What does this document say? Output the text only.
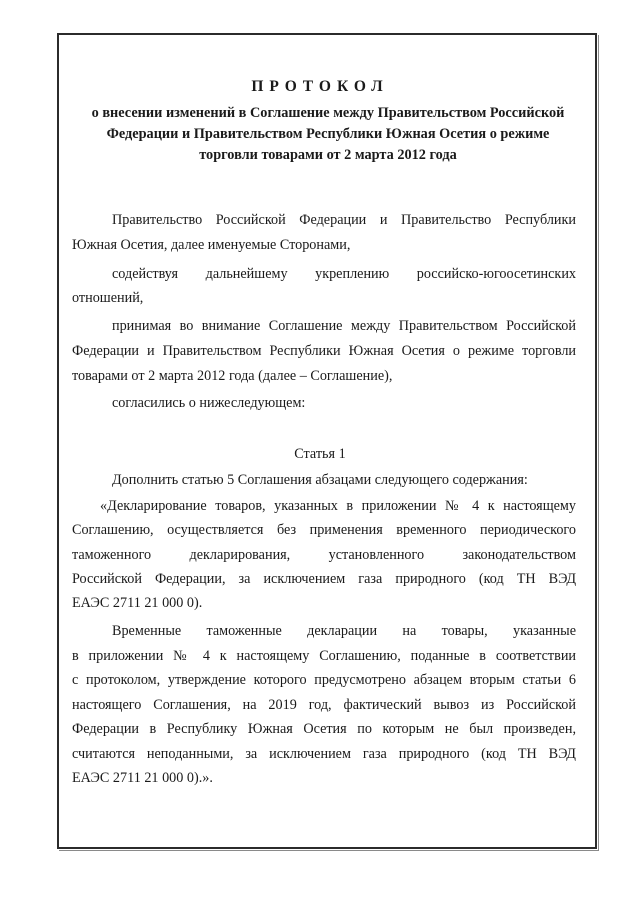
ПРОТОКОЛ
о внесении изменений в Соглашение между Правительством Российской
Федерации и Правительством Республики Южная Осетия о режиме
торговли товарами от 2 марта 2012 года
Правительство Российской Федерации и Правительство Республики
Южная Осетия, далее именуемые Сторонами,
содействуя дальнейшему укреплению российско-югоосетинских
отношений,
принимая во внимание Соглашение между Правительством Российской
Федерации и Правительством Республики Южная Осетия о режиме торговли
товарами от 2 марта 2012 года (далее – Соглашение),
согласились о нижеследующем:
Статья 1
Дополнить статью 5 Соглашения абзацами следующего содержания:
«Декларирование товаров, указанных в приложении № 4 к настоящему
Соглашению, осуществляется без применения временного периодического
таможенного декларирования, установленного законодательством
Российской Федерации, за исключением газа природного (код ТН ВЭД
ЕАЭС 2711 21 000 0).
Временные таможенные декларации на товары, указанные
в приложении № 4 к настоящему Соглашению, поданные в соответствии
с протоколом, утверждение которого предусмотрено абзацем вторым статьи 6
настоящего Соглашения, на 2019 год, фактический вывоз из Российской
Федерации в Республику Южная Осетия по которым не был произведен,
считаются неподанными, за исключением газа природного (код ТН ВЭД
ЕАЭС 2711 21 000 0).».
